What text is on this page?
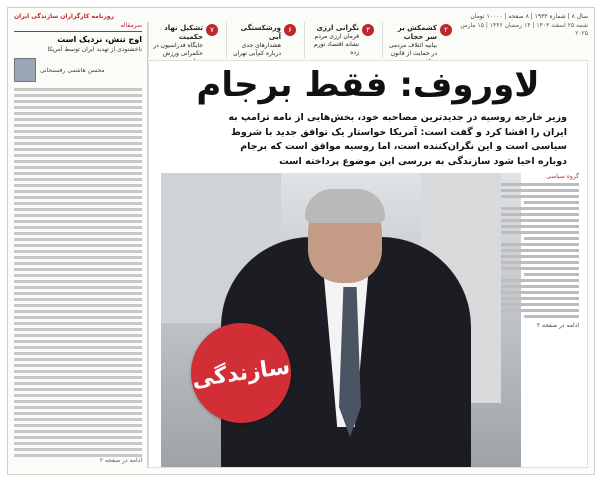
سال ۸ | شماره ۱۹۳۳ | ۸ صفحه | ۱۰۰۰۰ تومان
روزنامه کارگزاران سازندگی ایران
شنبه ۲۵ اسفند ۱۴۰۳ | ۱۴ رمضان ۱۴۴۶ | ۱۵ مارس ۲۰۲۵
۲
کشمکش بر سر حجاب
بیانیه ائتلاف مردمی در حمایت از قانون
۳
نگرانی ارزی
فرمان ارزی مردم نشانه اقتصاد تورم زده
۶
ورشکستگی آبی
هشدارهای جدی درباره کم‌آبی تهران
۷
تشکیل نهاد حکمیت
جایگاه فدراسیون در حکمرانی ورزش
سرمقاله
اوج تنش، نزدیک است
ناخشنودی از تهدید ایران توسط آمریکا
محسن هاشمی رفسنجانی
ادامه در صفحه ۲
لاوروف: فقط برجام
وزیر خارجه روسیه در جدیدترین مصاحبه خود، بخش‌هایی از نامه ترامپ به ایران را افشا کرد و گفت است: آمریکا خواستار یک توافق جدید با شروط سیاسی است و این نگران‌کننده است، اما روسیه موافق است که برجام دوباره احیا شود سازندگی به بررسی این موضوع پرداخته است
سازندگی
گروه سیاسی
ادامه در صفحه ۲
